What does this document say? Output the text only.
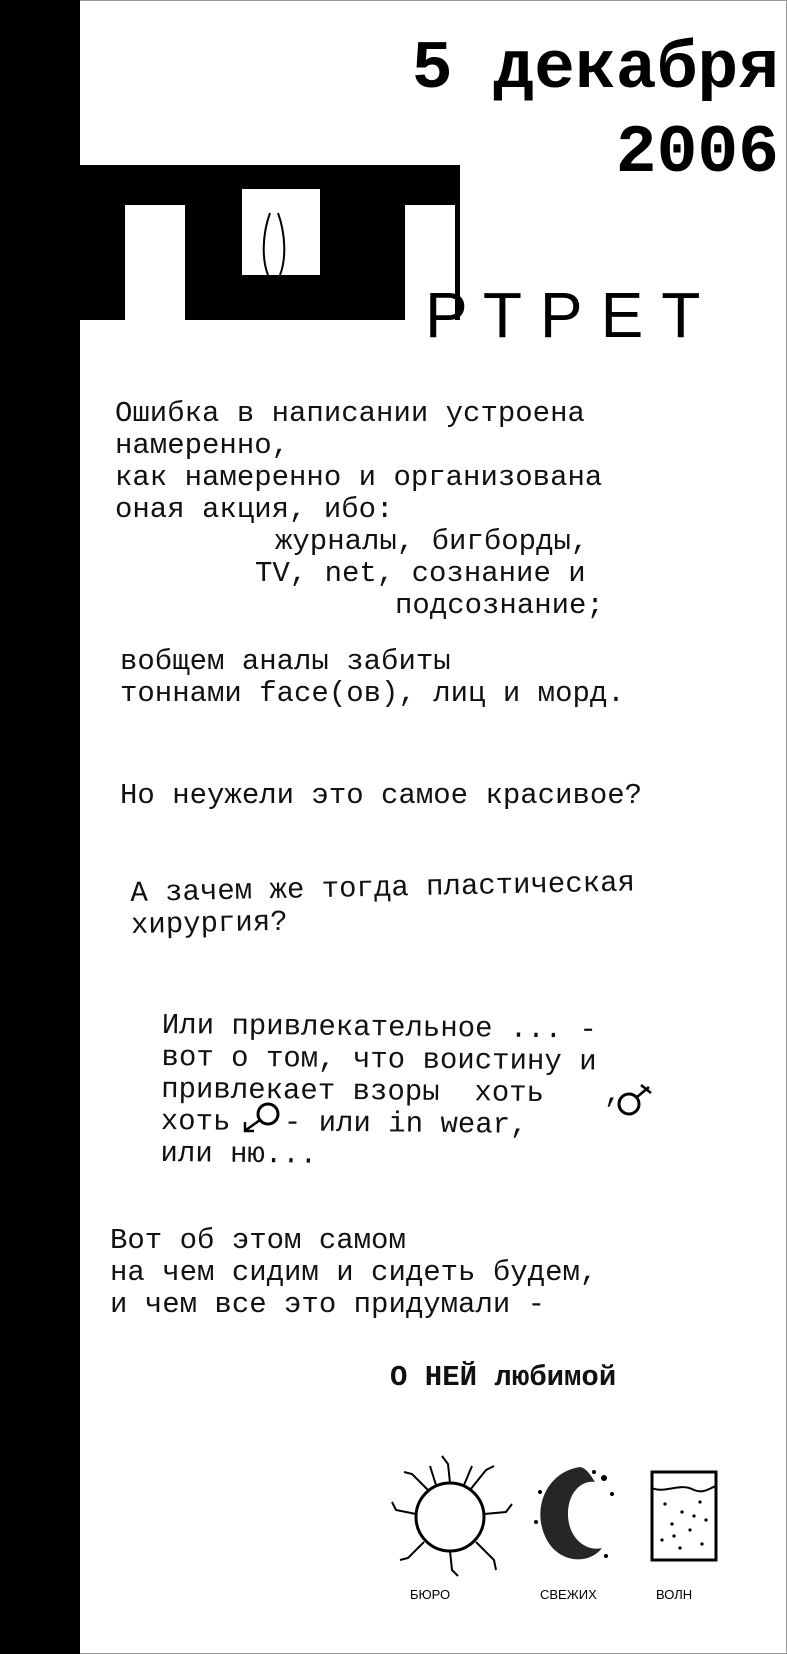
5 декабря
2006
РТРЕТ
Ошибка в написании устроена
намеренно,
как намеренно и организована
оная акция, ибо:
журналы, бигборды,
TV, net, сознание и
подсознание;
вобщем аналы забиты
тоннами face(ов), лиц и морд.
Но неужели это самое красивое?
А зачем же тогда пластическая
хирургия?
Или привлекательное ... -
вот о том, что воистину и
привлекает взоры  хоть ,
хоть - или in wear,
или ню...
Вот об этом самом
на чем сидим и сидеть будем,
и чем все это придумали -
О НЕЙ любимой
БЮРО	СВЕЖИХ	ВОЛН
